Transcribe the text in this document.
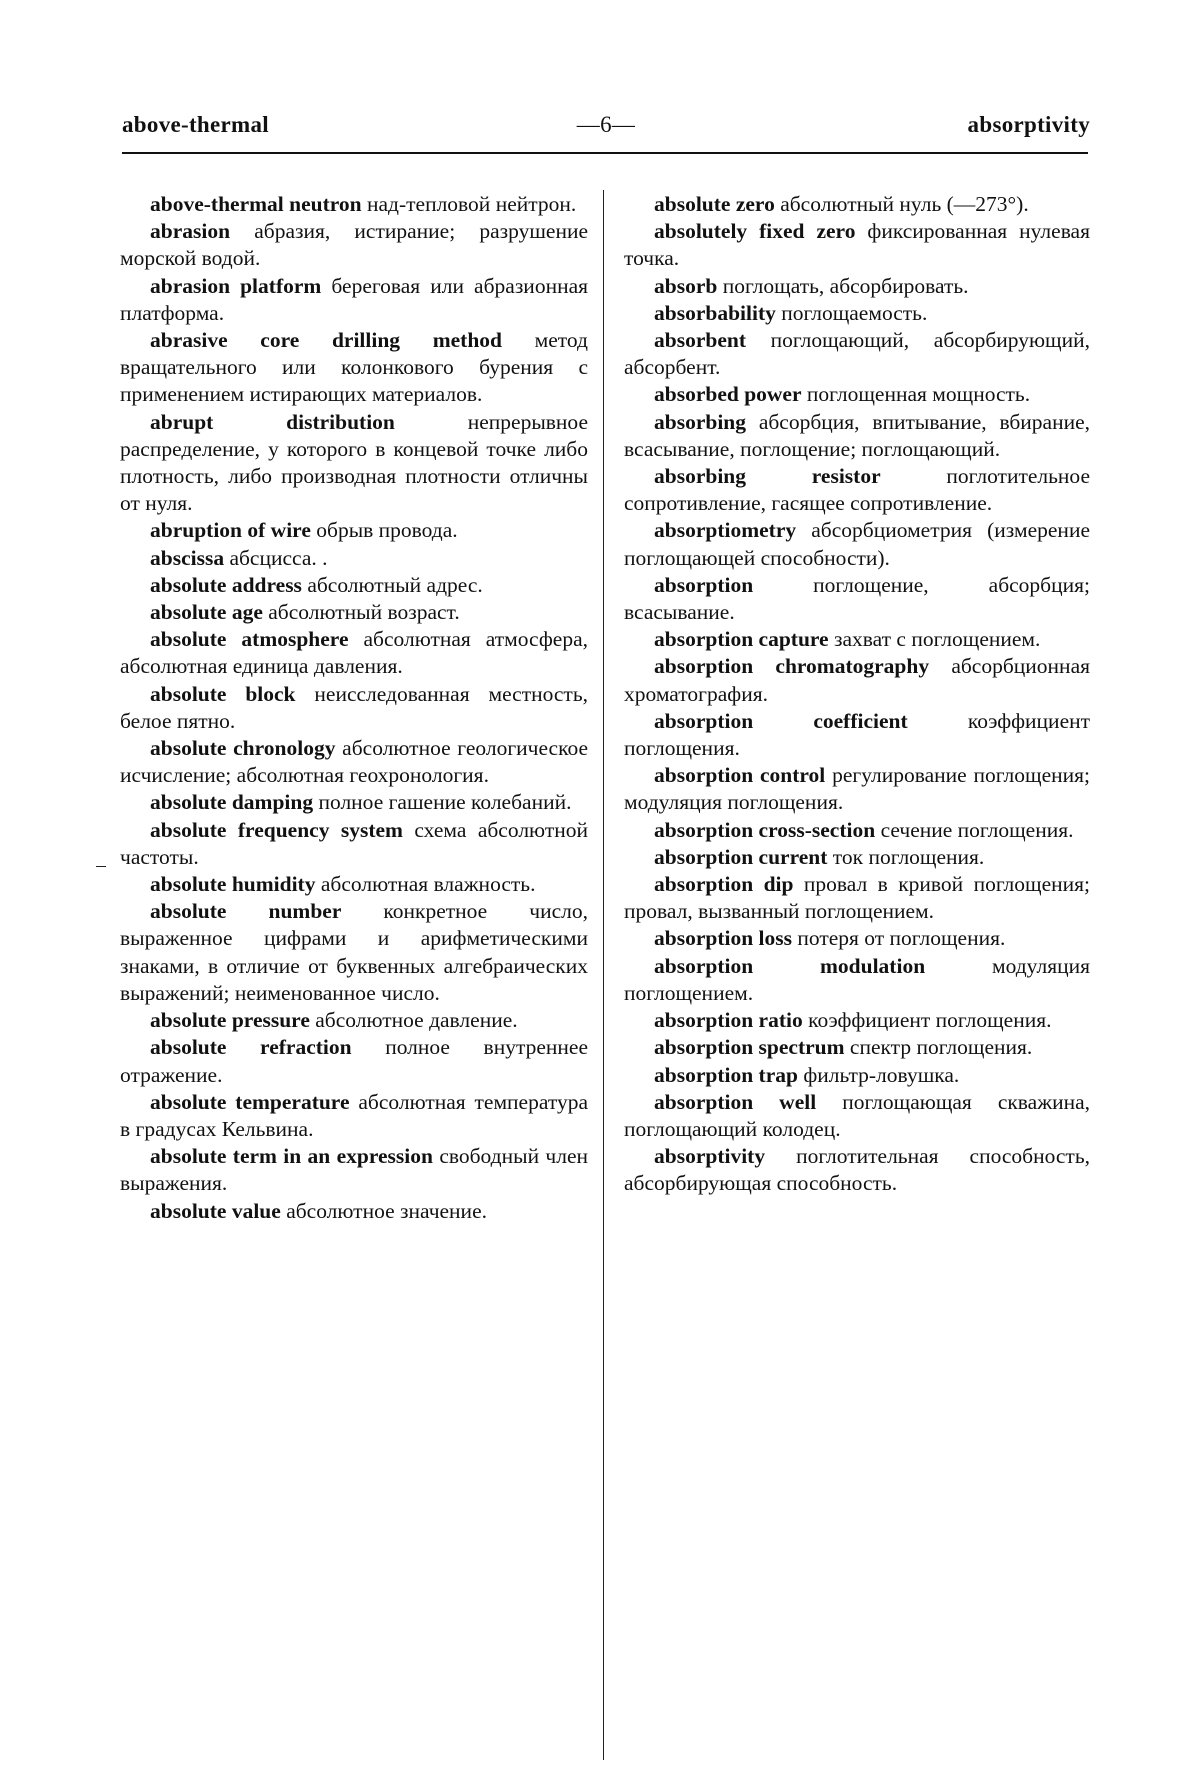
above-thermal	—6—	absorptivity

above-thermal neutron над-тепловой нейтрон.

abrasion абразия, истирание; разрушение морской водой.

abrasion platform береговая или абразионная платформа.

abrasive core drilling method метод вращательного или колонкового бурения с применением истирающих материалов.

abrupt distribution	непрерывное распределение, у которого в концевой точке либо плотность, либо производная плотности отличны от нуля.

abruption of wire обрыв провода.

abscissa абсцисса. .

absolute address абсолютный адрес.

absolute age абсолютный возраст.

absolute atmosphere абсолютная атмосфера, абсолютная единица давления.

absolute block неисследованная местность, белое пятно.

absolute chronology абсолютное геологическое исчисление; абсолютная геохронология.

absolute damping полное гашение колебаний.

absolute frequency system схема абсолютной частоты.

absolute humidity абсолютная влажность.

absolute number конкретное число, выраженное цифрами и арифметическими знаками, в отличие от буквенных алгебраических выражений; неименованное число.

absolute pressure абсолютное давление.

absolute refraction полное внутреннее отражение.

absolute temperature абсолютная температура в градусах Кельвина.

absolute term in an expression свободный член выражения.

absolute value абсолютное значение.

absolute zero абсолютный нуль (—273°).

absolutely fixed zero фиксированная нулевая точка.

absorb поглощать, абсорбировать.

absorbability поглощаемость.

absorbent поглощающий, абсорбирующий, абсорбент.

absorbed power поглощенная мощность.

absorbing абсорбция, впитывание, вбирание, всасывание, поглощение; поглощающий.

absorbing resistor	поглотительное сопротивление, гасящее сопротивление.

absorptiometry абсорбциометрия (измерение поглощающей способности).

absorption	поглощение, абсорбция; всасывание.

absorption capture захват с поглощением.

absorption chromatography абсорбционная хроматография.

absorption coefficient	коэффициент поглощения.

absorption control регулирование поглощения; модуляция поглощения.

absorption cross-section сечение поглощения.

absorption current ток поглощения.

absorption dip провал в кривой поглощения; провал, вызванный поглощением.

absorption loss потеря от поглощения.

absorption modulation	модуляция поглощением.

absorption ratio коэффициент поглощения.

absorption spectrum спектр поглощения.

absorption trap фильтр-ловушка.

absorption well поглощающая скважина, поглощающий колодец.

absorptivity поглотительная способность, абсорбирующая способность.
